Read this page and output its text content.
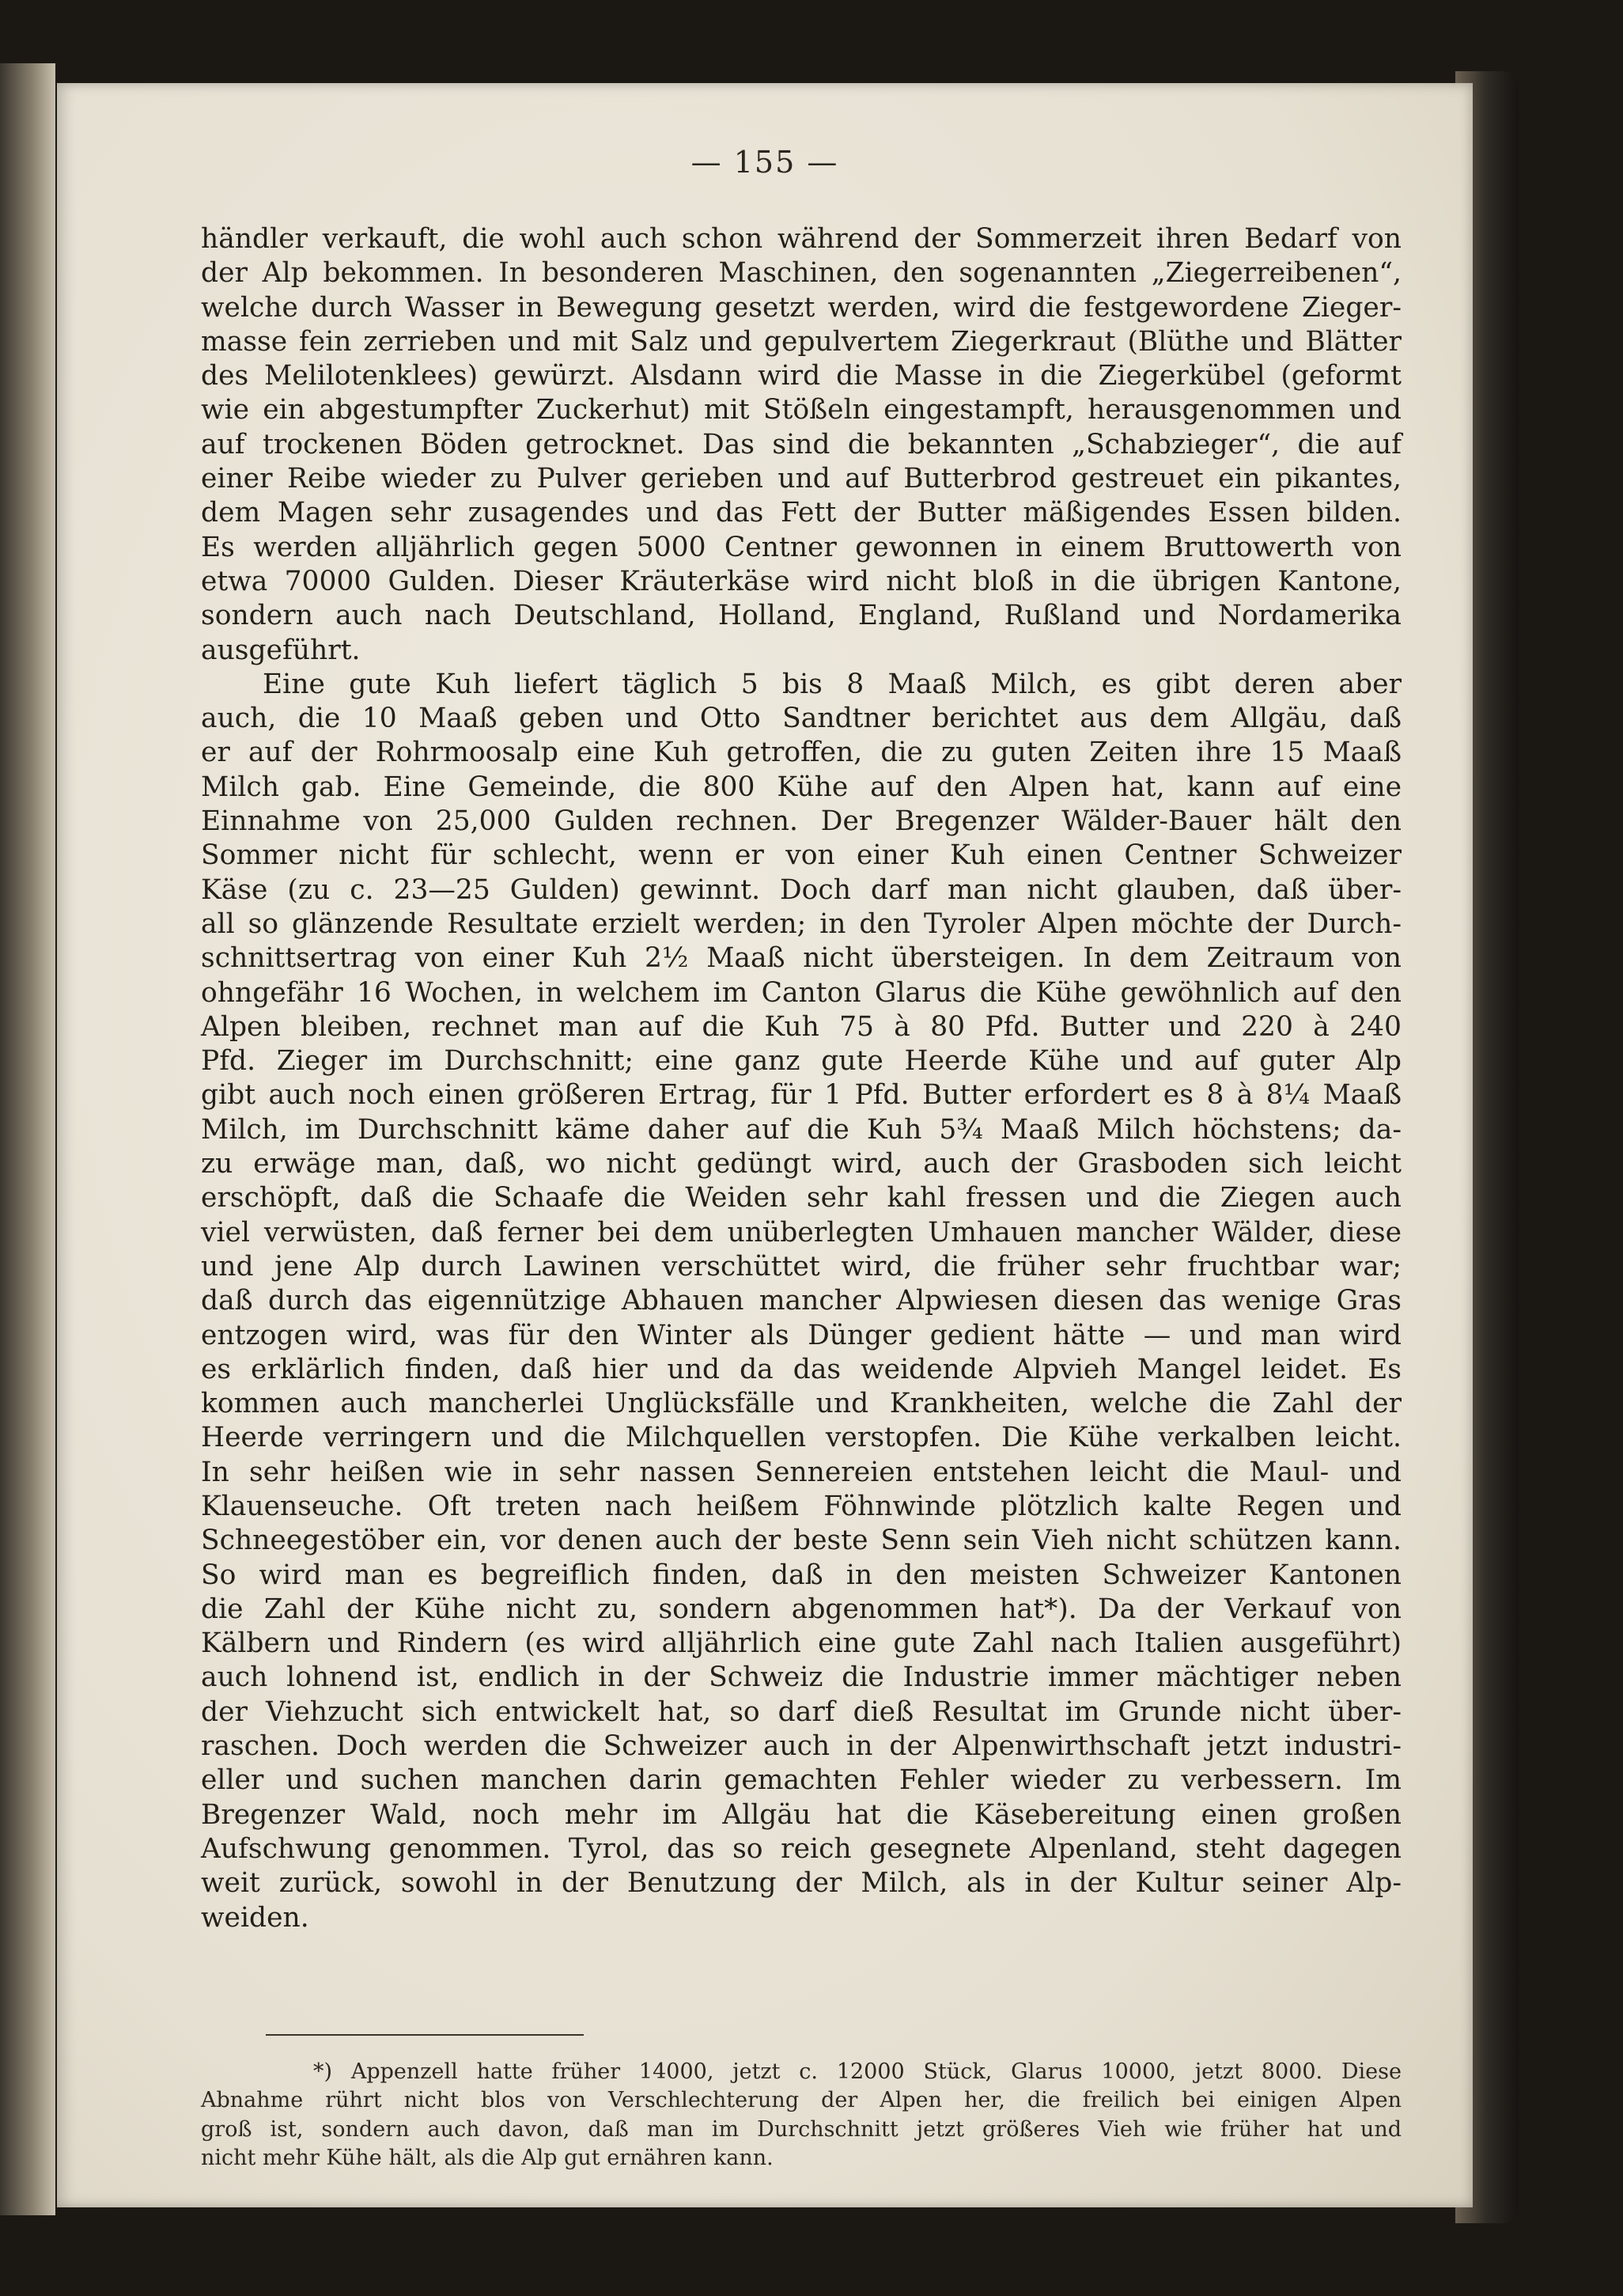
— 155 —
händler verkauft, die wohl auch schon während der Sommerzeit ihren Bedarf von
der Alp bekommen. In besonderen Maschinen, den sogenannten „Ziegerreibenen“,
welche durch Wasser in Bewegung gesetzt werden, wird die festgewordene Zieger-
masse fein zerrieben und mit Salz und gepulvertem Ziegerkraut (Blüthe und Blätter
des Melilotenklees) gewürzt. Alsdann wird die Masse in die Ziegerkübel (geformt
wie ein abgestumpfter Zuckerhut) mit Stößeln eingestampft, herausgenommen und
auf trockenen Böden getrocknet. Das sind die bekannten „Schabzieger“, die auf
einer Reibe wieder zu Pulver gerieben und auf Butterbrod gestreuet ein pikantes,
dem Magen sehr zusagendes und das Fett der Butter mäßigendes Essen bilden.
Es werden alljährlich gegen 5000 Centner gewonnen in einem Bruttowerth von
etwa 70000 Gulden. Dieser Kräuterkäse wird nicht bloß in die übrigen Kantone,
sondern auch nach Deutschland, Holland, England, Rußland und Nordamerika
ausgeführt.
Eine gute Kuh liefert täglich 5 bis 8 Maaß Milch, es gibt deren aber
auch, die 10 Maaß geben und Otto Sandtner berichtet aus dem Allgäu, daß
er auf der Rohrmoosalp eine Kuh getroffen, die zu guten Zeiten ihre 15 Maaß
Milch gab. Eine Gemeinde, die 800 Kühe auf den Alpen hat, kann auf eine
Einnahme von 25,000 Gulden rechnen. Der Bregenzer Wälder-Bauer hält den
Sommer nicht für schlecht, wenn er von einer Kuh einen Centner Schweizer
Käse (zu c. 23—25 Gulden) gewinnt. Doch darf man nicht glauben, daß über-
all so glänzende Resultate erzielt werden; in den Tyroler Alpen möchte der Durch-
schnittsertrag von einer Kuh 2½ Maaß nicht übersteigen. In dem Zeitraum von
ohngefähr 16 Wochen, in welchem im Canton Glarus die Kühe gewöhnlich auf den
Alpen bleiben, rechnet man auf die Kuh 75 à 80 Pfd. Butter und 220 à 240
Pfd. Zieger im Durchschnitt; eine ganz gute Heerde Kühe und auf guter Alp
gibt auch noch einen größeren Ertrag, für 1 Pfd. Butter erfordert es 8 à 8¼ Maaß
Milch, im Durchschnitt käme daher auf die Kuh 5¾ Maaß Milch höchstens; da-
zu erwäge man, daß, wo nicht gedüngt wird, auch der Grasboden sich leicht
erschöpft, daß die Schaafe die Weiden sehr kahl fressen und die Ziegen auch
viel verwüsten, daß ferner bei dem unüberlegten Umhauen mancher Wälder, diese
und jene Alp durch Lawinen verschüttet wird, die früher sehr fruchtbar war;
daß durch das eigennützige Abhauen mancher Alpwiesen diesen das wenige Gras
entzogen wird, was für den Winter als Dünger gedient hätte — und man wird
es erklärlich finden, daß hier und da das weidende Alpvieh Mangel leidet. Es
kommen auch mancherlei Unglücksfälle und Krankheiten, welche die Zahl der
Heerde verringern und die Milchquellen verstopfen. Die Kühe verkalben leicht.
In sehr heißen wie in sehr nassen Sennereien entstehen leicht die Maul- und
Klauenseuche. Oft treten nach heißem Föhnwinde plötzlich kalte Regen und
Schneegestöber ein, vor denen auch der beste Senn sein Vieh nicht schützen kann.
So wird man es begreiflich finden, daß in den meisten Schweizer Kantonen
die Zahl der Kühe nicht zu, sondern abgenommen hat*). Da der Verkauf von
Kälbern und Rindern (es wird alljährlich eine gute Zahl nach Italien ausgeführt)
auch lohnend ist, endlich in der Schweiz die Industrie immer mächtiger neben
der Viehzucht sich entwickelt hat, so darf dieß Resultat im Grunde nicht über-
raschen. Doch werden die Schweizer auch in der Alpenwirthschaft jetzt industri-
eller und suchen manchen darin gemachten Fehler wieder zu verbessern. Im
Bregenzer Wald, noch mehr im Allgäu hat die Käsebereitung einen großen
Aufschwung genommen. Tyrol, das so reich gesegnete Alpenland, steht dagegen
weit zurück, sowohl in der Benutzung der Milch, als in der Kultur seiner Alp-
weiden.
*) Appenzell hatte früher 14000, jetzt c. 12000 Stück, Glarus 10000, jetzt 8000. Diese
Abnahme rührt nicht blos von Verschlechterung der Alpen her, die freilich bei einigen Alpen
groß ist, sondern auch davon, daß man im Durchschnitt jetzt größeres Vieh wie früher hat und
nicht mehr Kühe hält, als die Alp gut ernähren kann.
